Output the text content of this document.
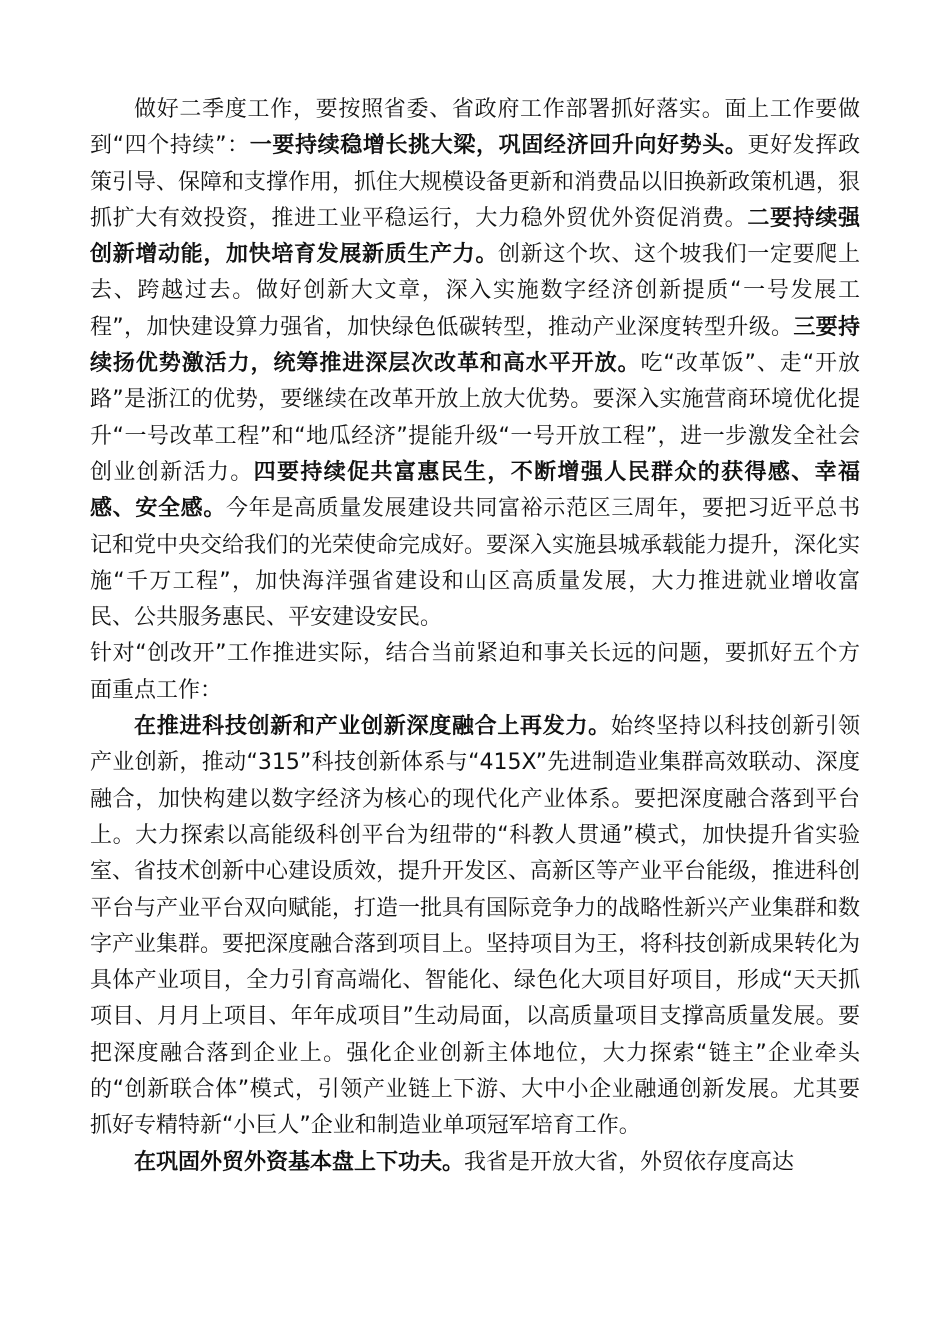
做好二季度工作，要按照省委、省政府工作部署抓好落实。面上工作要做到“四个持续”：一要持续稳增长挑大梁，巩固经济回升向好势头。更好发挥政策引导、保障和支撑作用，抓住大规模设备更新和消费品以旧换新政策机遇，狠抓扩大有效投资，推进工业平稳运行，大力稳外贸优外资促消费。二要持续强创新增动能，加快培育发展新质生产力。创新这个坎、这个坡我们一定要爬上去、跨越过去。做好创新大文章，深入实施数字经济创新提质“一号发展工程”，加快建设算力强省，加快绿色低碳转型，推动产业深度转型升级。三要持续扬优势激活力，统筹推进深层次改革和高水平开放。吃“改革饭”、走“开放路”是浙江的优势，要继续在改革开放上放大优势。要深入实施营商环境优化提升“一号改革工程”和“地瓜经济”提能升级“一号开放工程”，进一步激发全社会创业创新活力。四要持续促共富惠民生，不断增强人民群众的获得感、幸福感、安全感。今年是高质量发展建设共同富裕示范区三周年，要把习近平总书记和党中央交给我们的光荣使命完成好。要深入实施县城承载能力提升，深化实施“千万工程”，加快海洋强省建设和山区高质量发展，大力推进就业增收富民、公共服务惠民、平安建设安民。

针对“创改开”工作推进实际，结合当前紧迫和事关长远的问题，要抓好五个方面重点工作：

在推进科技创新和产业创新深度融合上再发力。始终坚持以科技创新引领产业创新，推动“315”科技创新体系与“415X”先进制造业集群高效联动、深度融合，加快构建以数字经济为核心的现代化产业体系。要把深度融合落到平台上。大力探索以高能级科创平台为纽带的“科教人贯通”模式，加快提升省实验室、省技术创新中心建设质效，提升开发区、高新区等产业平台能级，推进科创平台与产业平台双向赋能，打造一批具有国际竞争力的战略性新兴产业集群和数字产业集群。要把深度融合落到项目上。坚持项目为王，将科技创新成果转化为具体产业项目，全力引育高端化、智能化、绿色化大项目好项目，形成“天天抓项目、月月上项目、年年成项目”生动局面，以高质量项目支撑高质量发展。要把深度融合落到企业上。强化企业创新主体地位，大力探索“链主”企业牵头的“创新联合体”模式，引领产业链上下游、大中小企业融通创新发展。尤其要抓好专精特新“小巨人”企业和制造业单项冠军培育工作。

在巩固外贸外资基本盘上下功夫。我省是开放大省，外贸依存度高达
